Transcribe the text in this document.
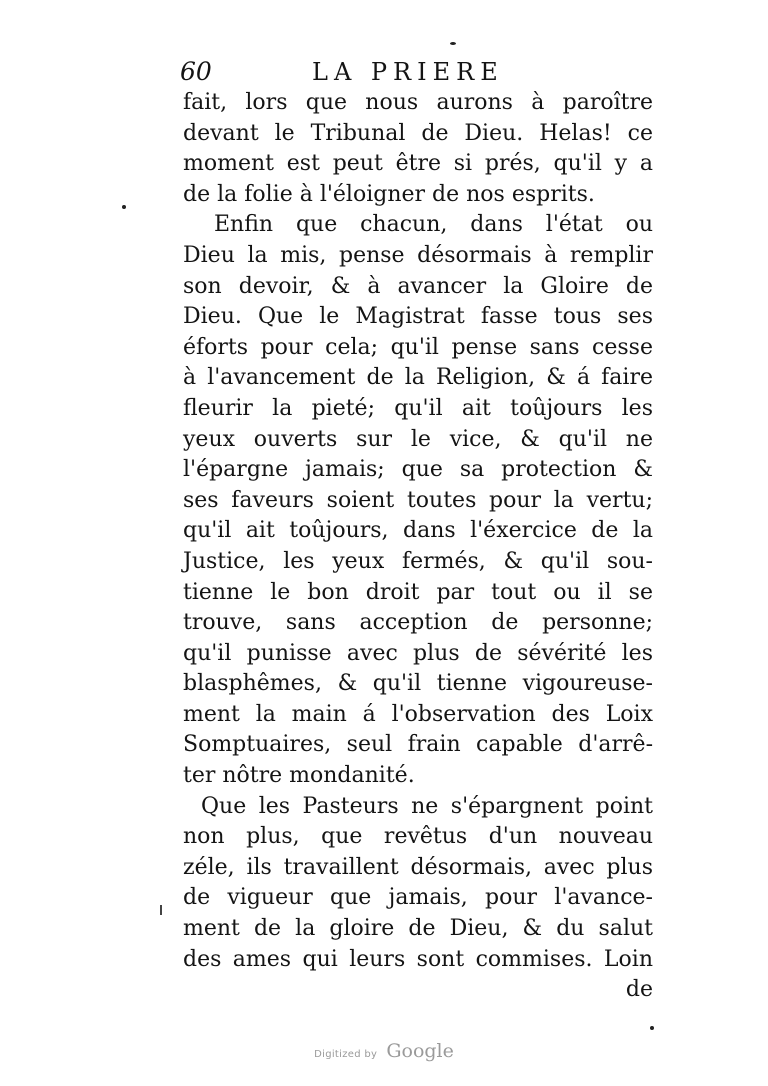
60	LA PRIERE
fait, lors que nous aurons à paroître
devant le Tribunal de Dieu. Helas! ce
moment est peut être si prés, qu'il y a
de la folie à l'éloigner de nos esprits.
Enfin que chacun, dans l'état ou
Dieu la mis, pense désormais à remplir
son devoir, & à avancer la Gloire de
Dieu. Que le Magistrat fasse tous ses
éforts pour cela; qu'il pense sans cesse
à l'avancement de la Religion, & á faire
fleurir la pieté; qu'il ait toûjours les
yeux ouverts sur le vice, & qu'il ne
l'épargne jamais; que sa protection &
ses faveurs soient toutes pour la vertu;
qu'il ait toûjours, dans l'éxercice de la
Justice, les yeux fermés, & qu'il sou-
tienne le bon droit par tout ou il se
trouve, sans acception de personne;
qu'il punisse avec plus de sévérité les
blasphêmes, & qu'il tienne vigoureuse-
ment la main á l'observation des Loix
Somptuaires, seul frain capable d'arrê-
ter nôtre mondanité.
Que les Pasteurs ne s'épargnent point
non plus, que revêtus d'un nouveau
zéle, ils travaillent désormais, avec plus
de vigueur que jamais, pour l'avance-
ment de la gloire de Dieu, & du salut
des ames qui leurs sont commises. Loin
de
Digitized by Google
